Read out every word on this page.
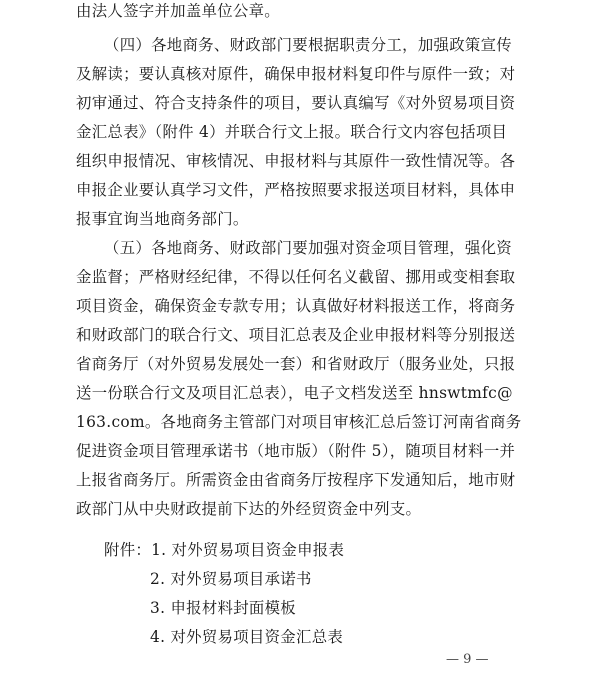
由法人签字并加盖单位公章。
（四）各地商务、财政部门要根据职责分工，加强政策宣传
及解读；要认真核对原件，确保申报材料复印件与原件一致；对
初审通过、符合支持条件的项目，要认真编写《对外贸易项目资
金汇总表》（附件 4）并联合行文上报。联合行文内容包括项目
组织申报情况、审核情况、申报材料与其原件一致性情况等。各
申报企业要认真学习文件，严格按照要求报送项目材料，具体申
报事宜询当地商务部门。
（五）各地商务、财政部门要加强对资金项目管理，强化资
金监督；严格财经纪律，不得以任何名义截留、挪用或变相套取
项目资金，确保资金专款专用；认真做好材料报送工作，将商务
和财政部门的联合行文、项目汇总表及企业申报材料等分别报送
省商务厅（对外贸易发展处一套）和省财政厅（服务业处，只报
送一份联合行文及项目汇总表），电子文档发送至 hnswtmfc@
163.com。各地商务主管部门对项目审核汇总后签订河南省商务
促进资金项目管理承诺书（地市版）（附件 5），随项目材料一并
上报省商务厅。所需资金由省商务厅按程序下发通知后，地市财
政部门从中央财政提前下达的外经贸资金中列支。
附件：1. 对外贸易项目资金申报表
2. 对外贸易项目承诺书
3. 申报材料封面模板
4. 对外贸易项目资金汇总表
— 9 —
